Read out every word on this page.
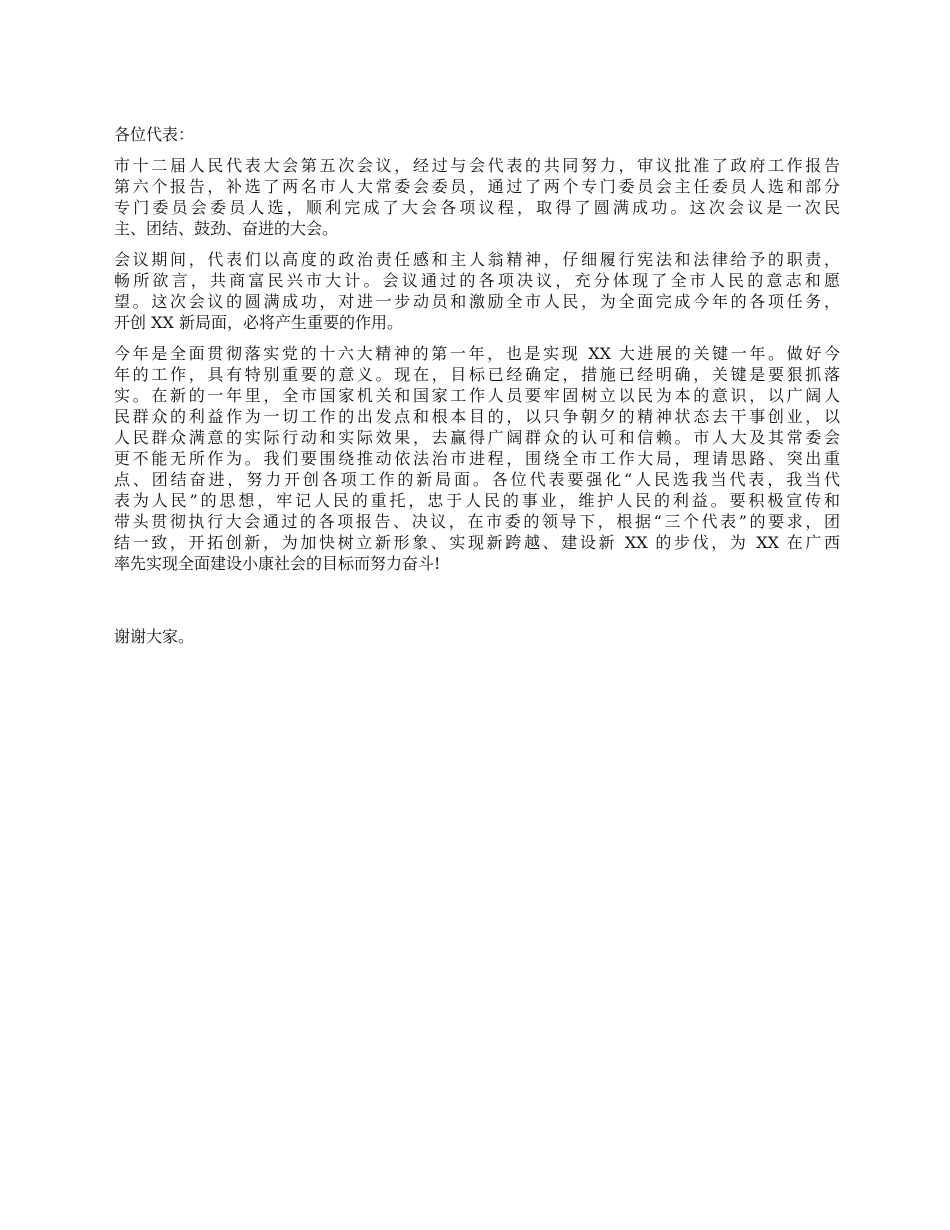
各位代表：

市十二届人民代表大会第五次会议，经过与会代表的共同努力，审议批准了政府工作报告
第六个报告，补选了两名市人大常委会委员，通过了两个专门委员会主任委员人选和部分
专门委员会委员人选，顺利完成了大会各项议程，取得了圆满成功。这次会议是一次民
主、团结、鼓劲、奋进的大会。
会议期间，代表们以高度的政治责任感和主人翁精神，仔细履行宪法和法律给予的职责，
畅所欲言，共商富民兴市大计。会议通过的各项决议，充分体现了全市人民的意志和愿
望。这次会议的圆满成功，对进一步动员和激励全市人民，为全面完成今年的各项任务，
开创 XX 新局面，必将产生重要的作用。
今年是全面贯彻落实党的十六大精神的第一年，也是实现 XX 大进展的关键一年。做好今
年的工作，具有特别重要的意义。现在，目标已经确定，措施已经明确，关键是要狠抓落
实。在新的一年里，全市国家机关和国家工作人员要牢固树立以民为本的意识，以广阔人
民群众的利益作为一切工作的出发点和根本目的，以只争朝夕的精神状态去干事创业，以
人民群众满意的实际行动和实际效果，去赢得广阔群众的认可和信赖。市人大及其常委会
更不能无所作为。我们要围绕推动依法治市进程，围绕全市工作大局，理请思路、突出重
点、团结奋进，努力开创各项工作的新局面。各位代表要强化“人民选我当代表，我当代
表为人民”的思想，牢记人民的重托，忠于人民的事业，维护人民的利益。要积极宣传和
带头贯彻执行大会通过的各项报告、决议，在市委的领导下，根据“三个代表”的要求，团
结一致，开拓创新，为加快树立新形象、实现新跨越、建设新 XX 的步伐，为 XX 在广西
率先实现全面建设小康社会的目标而努力奋斗!

谢谢大家。
